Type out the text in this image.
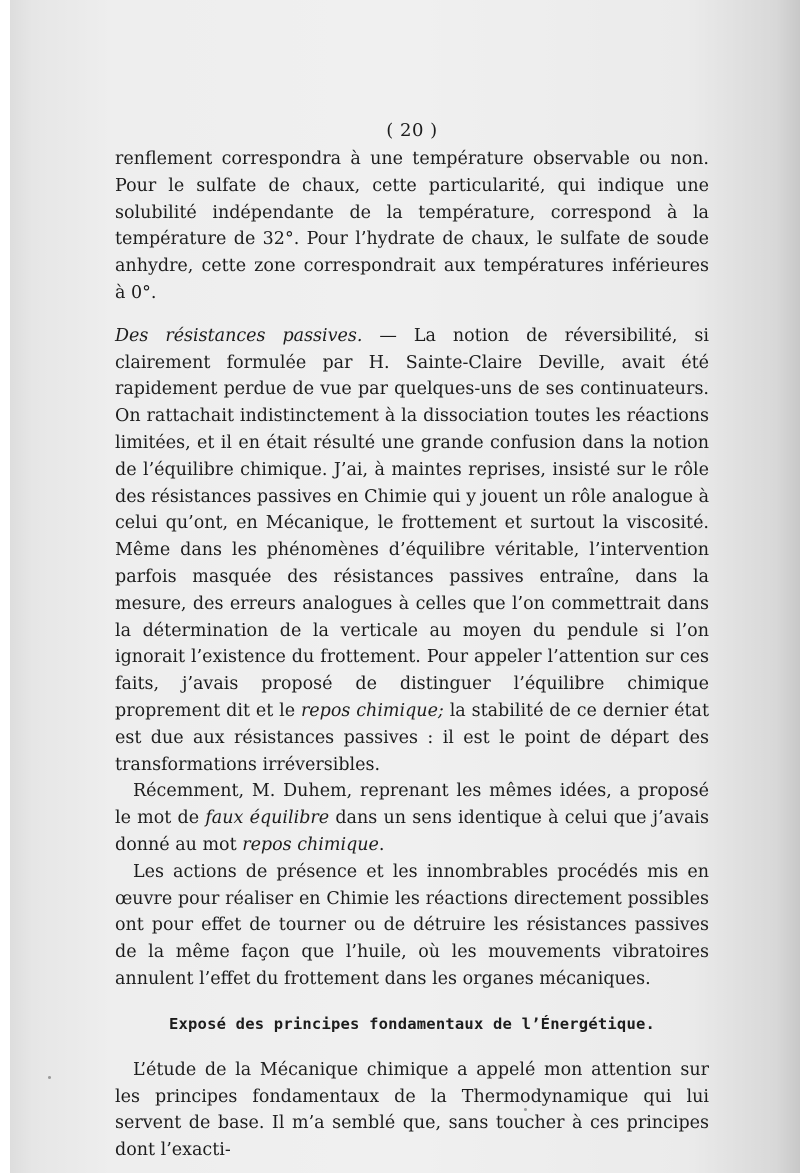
( 20 )

renflement correspondra à une température observable ou non. Pour le sulfate de chaux, cette particularité, qui indique une solubilité indépendante de la température, correspond à la température de 32°. Pour l’hydrate de chaux, le sulfate de soude anhydre, cette zone correspondrait aux températures inférieures à 0°.

Des résistances passives. — La notion de réversibilité, si clairement formulée par H. Sainte-Claire Deville, avait été rapidement perdue de vue par quelques-uns de ses continuateurs. On rattachait indistinctement à la dissociation toutes les réactions limitées, et il en était résulté une grande confusion dans la notion de l’équilibre chimique. J’ai, à maintes reprises, insisté sur le rôle des résistances passives en Chimie qui y jouent un rôle analogue à celui qu’ont, en Mécanique, le frottement et surtout la viscosité. Même dans les phénomènes d’équilibre véritable, l’intervention parfois masquée des résistances passives entraîne, dans la mesure, des erreurs analogues à celles que l’on commettrait dans la détermination de la verticale au moyen du pendule si l’on ignorait l’existence du frottement. Pour appeler l’attention sur ces faits, j’avais proposé de distinguer l’équilibre chimique proprement dit et le repos chimique; la stabilité de ce dernier état est due aux résistances passives : il est le point de départ des transformations irréversibles.

Récemment, M. Duhem, reprenant les mêmes idées, a proposé le mot de faux équilibre dans un sens identique à celui que j’avais donné au mot repos chimique.

Les actions de présence et les innombrables procédés mis en œuvre pour réaliser en Chimie les réactions directement possibles ont pour effet de tourner ou de détruire les résistances passives de la même façon que l’huile, où les mouvements vibratoires annulent l’effet du frottement dans les organes mécaniques.

Exposé des principes fondamentaux de l’Énergétique.

L’étude de la Mécanique chimique a appelé mon attention sur les principes fondamentaux de la Thermodynamique qui lui servent de base. Il m’a semblé que, sans toucher à ces principes dont l’exacti-
